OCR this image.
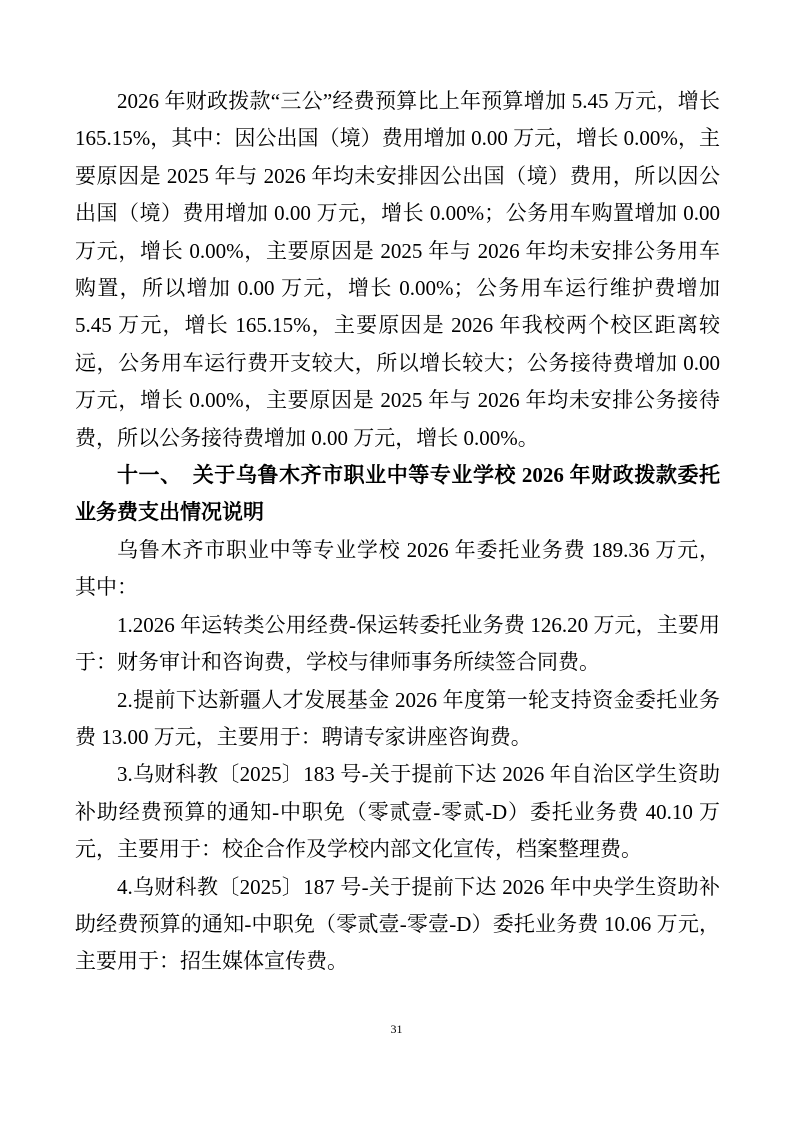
2026 年财政拨款“三公”经费预算比上年预算增加 5.45 万元，增长 165.15%，其中：因公出国（境）费用增加 0.00 万元，增长 0.00%，主要原因是 2025 年与 2026 年均未安排因公出国（境）费用，所以因公出国（境）费用增加 0.00 万元，增长 0.00%；公务用车购置增加 0.00 万元，增长 0.00%，主要原因是 2025 年与 2026 年均未安排公务用车购置，所以增加 0.00 万元，增长 0.00%；公务用车运行维护费增加 5.45 万元，增长 165.15%，主要原因是 2026 年我校两个校区距离较远，公务用车运行费开支较大，所以增长较大；公务接待费增加 0.00 万元，增长 0.00%，主要原因是 2025 年与 2026 年均未安排公务接待费，所以公务接待费增加 0.00 万元，增长 0.00%。

十一、　关于乌鲁木齐市职业中等专业学校 2026 年财政拨款委托业务费支出情况说明

乌鲁木齐市职业中等专业学校 2026 年委托业务费 189.36 万元，其中：

1.2026 年运转类公用经费-保运转委托业务费 126.20 万元，主要用于：财务审计和咨询费，学校与律师事务所续签合同费。

2.提前下达新疆人才发展基金 2026 年度第一轮支持资金委托业务费 13.00 万元，主要用于：聘请专家讲座咨询费。

3.乌财科教〔2025〕183 号-关于提前下达 2026 年自治区学生资助补助经费预算的通知-中职免（零贰壹-零贰-D）委托业务费 40.10 万元，主要用于：校企合作及学校内部文化宣传，档案整理费。

4.乌财科教〔2025〕187 号-关于提前下达 2026 年中央学生资助补助经费预算的通知-中职免（零贰壹-零壹-D）委托业务费 10.06 万元，主要用于：招生媒体宣传费。

31
